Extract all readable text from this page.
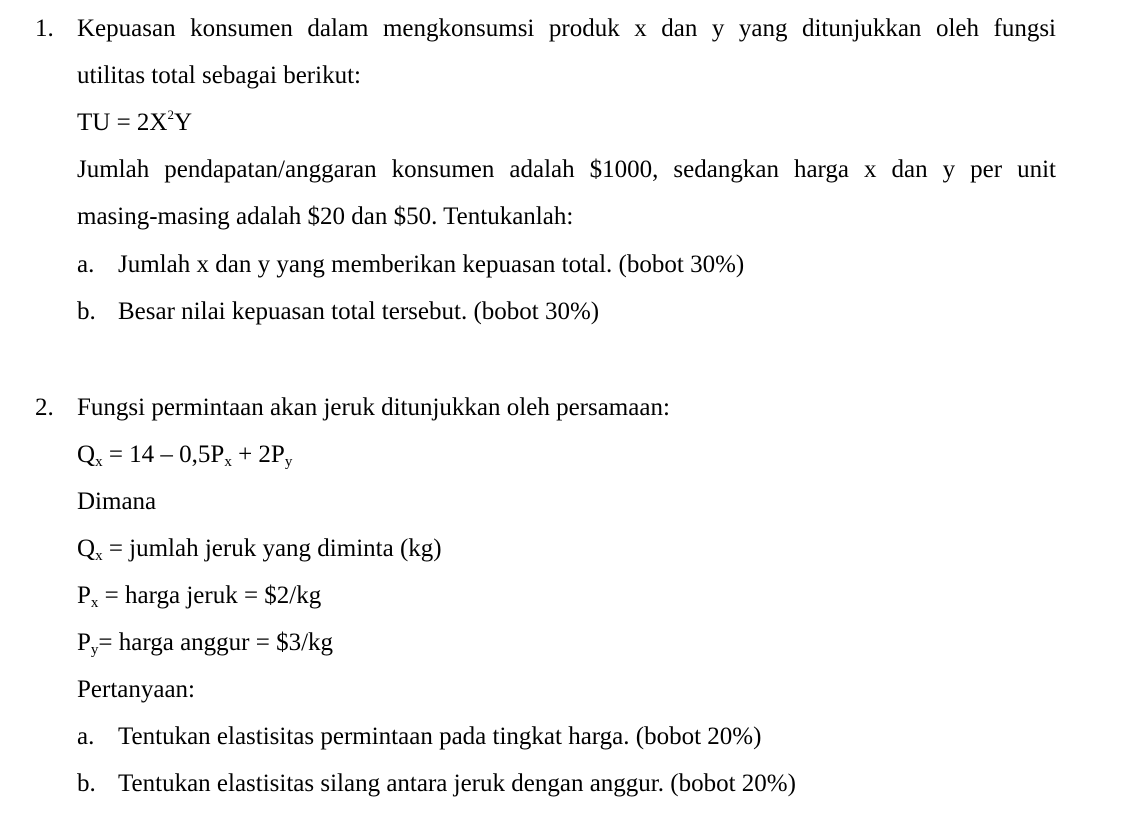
1. Kepuasan konsumen dalam mengkonsumsi produk x dan y yang ditunjukkan oleh fungsi
utilitas total sebagai berikut:
TU = $2X^2Y$
Jumlah pendapatan/anggaran konsumen adalah $1000, sedangkan harga x dan y per unit
masing-masing adalah $20 dan $50. Tentukanlah:
a. Jumlah x dan y yang memberikan kepuasan total. (bobot 30%)
b. Besar nilai kepuasan total tersebut. (bobot 30%)
2. Fungsi permintaan akan jeruk ditunjukkan oleh persamaan:
$Q_x = 14 - 0,5P_x + 2P_y$
Dimana
$Q_x$ = jumlah jeruk yang diminta (kg)
$P_x$ = harga jeruk = $2/kg
$P_y=$ harga anggur = $3/kg
Pertanyaan:
a. Tentukan elastisitas permintaan pada tingkat harga. (bobot 20%)
b. Tentukan elastisitas silang antara jeruk dengan anggur. (bobot 20%)
